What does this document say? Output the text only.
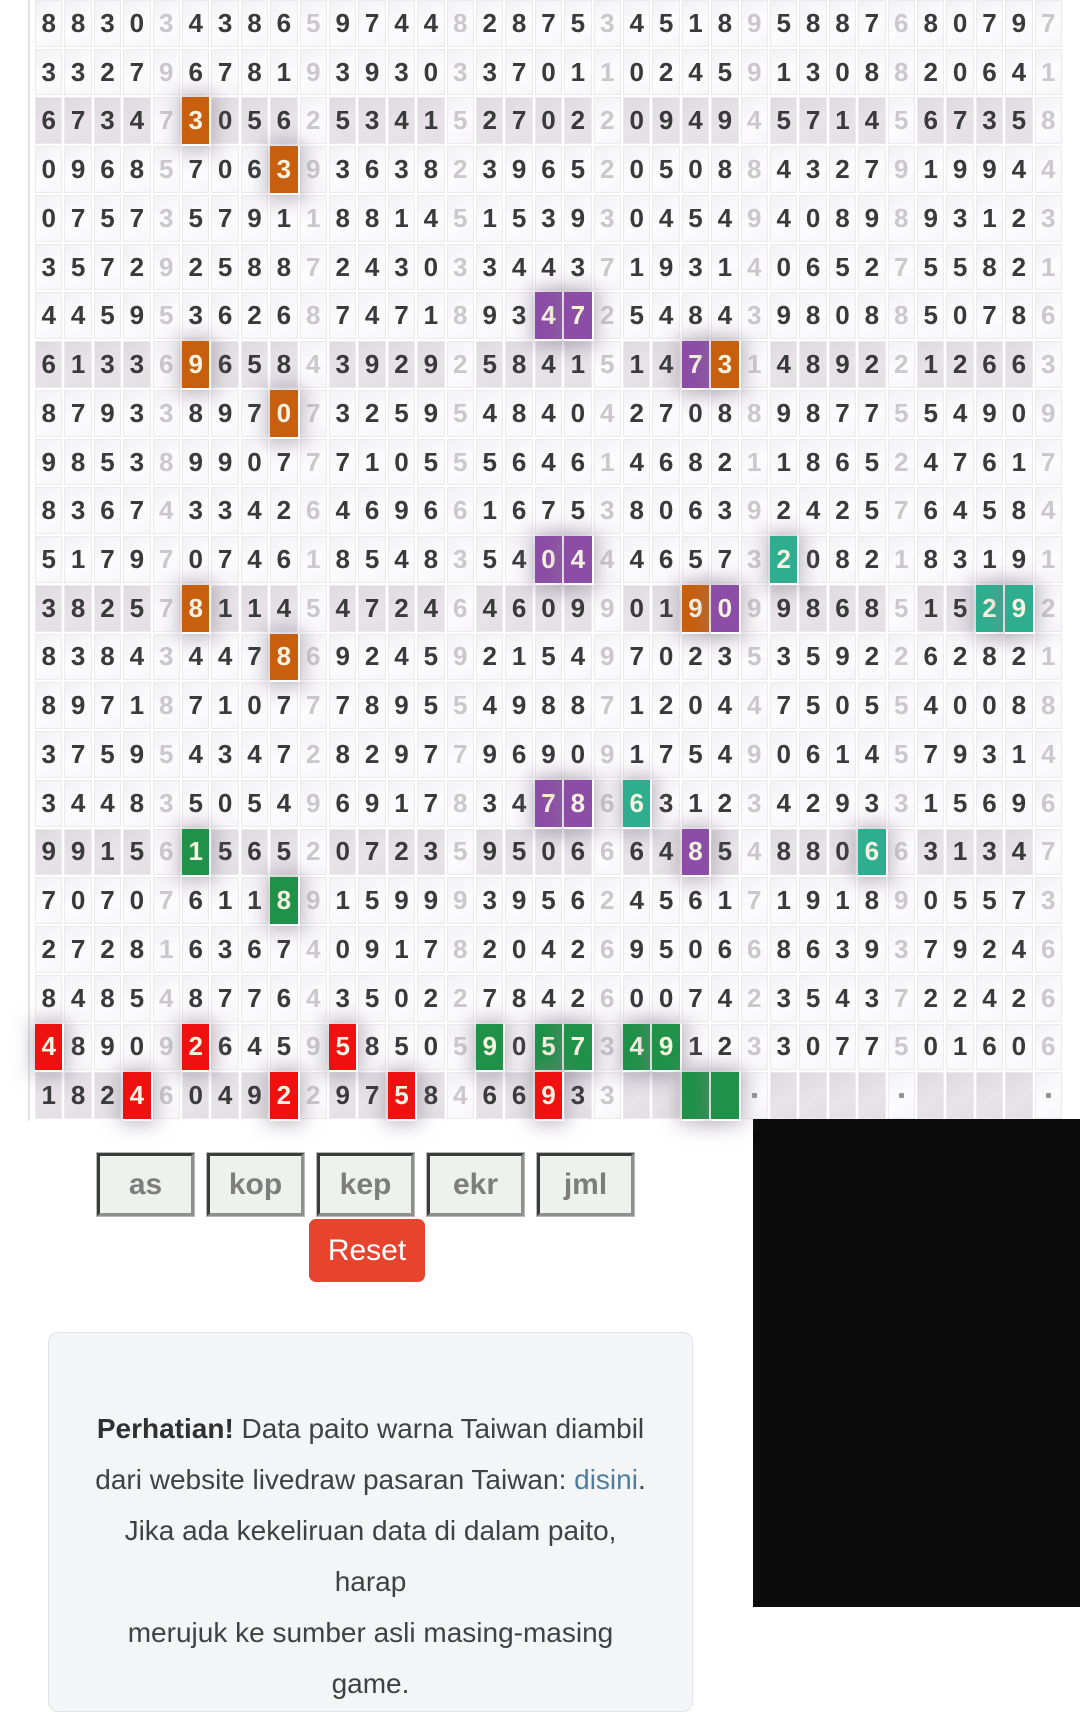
8 8 3 0 3 4 3 8 6 5 9 7 4 4 8 2 8 7 5 3 4 5 1 8 9 5 8 8 7 6 8 0 7 9 7
3 3 2 7 9 6 7 8 1 9 3 9 3 0 3 3 7 0 1 1 0 2 4 5 9 1 3 0 8 8 2 0 6 4 1
6 7 3 4 7 3 0 5 6 2 5 3 4 1 5 2 7 0 2 2 0 9 4 9 4 5 7 1 4 5 6 7 3 5 8
0 9 6 8 5 7 0 6 3 9 3 6 3 8 2 3 9 6 5 2 0 5 0 8 8 4 3 2 7 9 1 9 9 4 4
0 7 5 7 3 5 7 9 1 1 8 8 1 4 5 1 5 3 9 3 0 4 5 4 9 4 0 8 9 8 9 3 1 2 3
3 5 7 2 9 2 5 8 8 7 2 4 3 0 3 3 4 4 3 7 1 9 3 1 4 0 6 5 2 7 5 5 8 2 1
4 4 5 9 5 3 6 2 6 8 7 4 7 1 8 9 3 4 7 2 5 4 8 4 3 9 8 0 8 8 5 0 7 8 6
6 1 3 3 6 9 6 5 8 4 3 9 2 9 2 5 8 4 1 5 1 4 7 3 1 4 8 9 2 2 1 2 6 6 3
8 7 9 3 3 8 9 7 0 7 3 2 5 9 5 4 8 4 0 4 2 7 0 8 8 9 8 7 7 5 5 4 9 0 9
9 8 5 3 8 9 9 0 7 7 7 1 0 5 5 5 6 4 6 1 4 6 8 2 1 1 8 6 5 2 4 7 6 1 7
8 3 6 7 4 3 3 4 2 6 4 6 9 6 6 1 6 7 5 3 8 0 6 3 9 2 4 2 5 7 6 4 5 8 4
5 1 7 9 7 0 7 4 6 1 8 5 4 8 3 5 4 0 4 4 4 6 5 7 3 2 0 8 2 1 8 3 1 9 1
3 8 2 5 7 8 1 1 4 5 4 7 2 4 6 4 6 0 9 9 0 1 9 0 9 9 8 6 8 5 1 5 2 9 2
8 3 8 4 3 4 4 7 8 6 9 2 4 5 9 2 1 5 4 9 7 0 2 3 5 3 5 9 2 2 6 2 8 2 1
8 9 7 1 8 7 1 0 7 7 7 8 9 5 5 4 9 8 8 7 1 2 0 4 4 7 5 0 5 5 4 0 0 8 8
3 7 5 9 5 4 3 4 7 2 8 2 9 7 7 9 6 9 0 9 1 7 5 4 9 0 6 1 4 5 7 9 3 1 4
3 4 4 8 3 5 0 5 4 9 6 9 1 7 8 3 4 7 8 6 6 3 1 2 3 4 2 9 3 3 1 5 6 9 6
9 9 1 5 6 1 5 6 5 2 0 7 2 3 5 9 5 0 6 6 6 4 8 5 4 8 8 0 6 6 3 1 3 4 7
7 0 7 0 7 6 1 1 8 9 1 5 9 9 9 3 9 5 6 2 4 5 6 1 7 1 9 1 8 9 0 5 5 7 3
2 7 2 8 1 6 3 6 7 4 0 9 1 7 8 2 0 4 2 6 9 5 0 6 6 8 6 3 9 3 7 9 2 4 6
8 4 8 5 4 8 7 7 6 4 3 5 0 2 2 7 8 4 2 6 0 0 7 4 2 3 5 4 3 7 2 2 4 2 6
4 8 9 0 9 2 6 4 5 9 5 8 5 0 5 9 0 5 7 3 4 9 1 2 3 3 0 7 7 5 0 1 6 0 6
1 8 2 4 6 0 4 9 2 2 9 7 5 8 4 6 6 9 3 3
as	kop	kep	ekr	jml
Reset
Perhatian! Data paito warna Taiwan diambil
dari website livedraw pasaran Taiwan: disini.
Jika ada kekeliruan data di dalam paito, harap
merujuk ke sumber asli masing-masing game.
